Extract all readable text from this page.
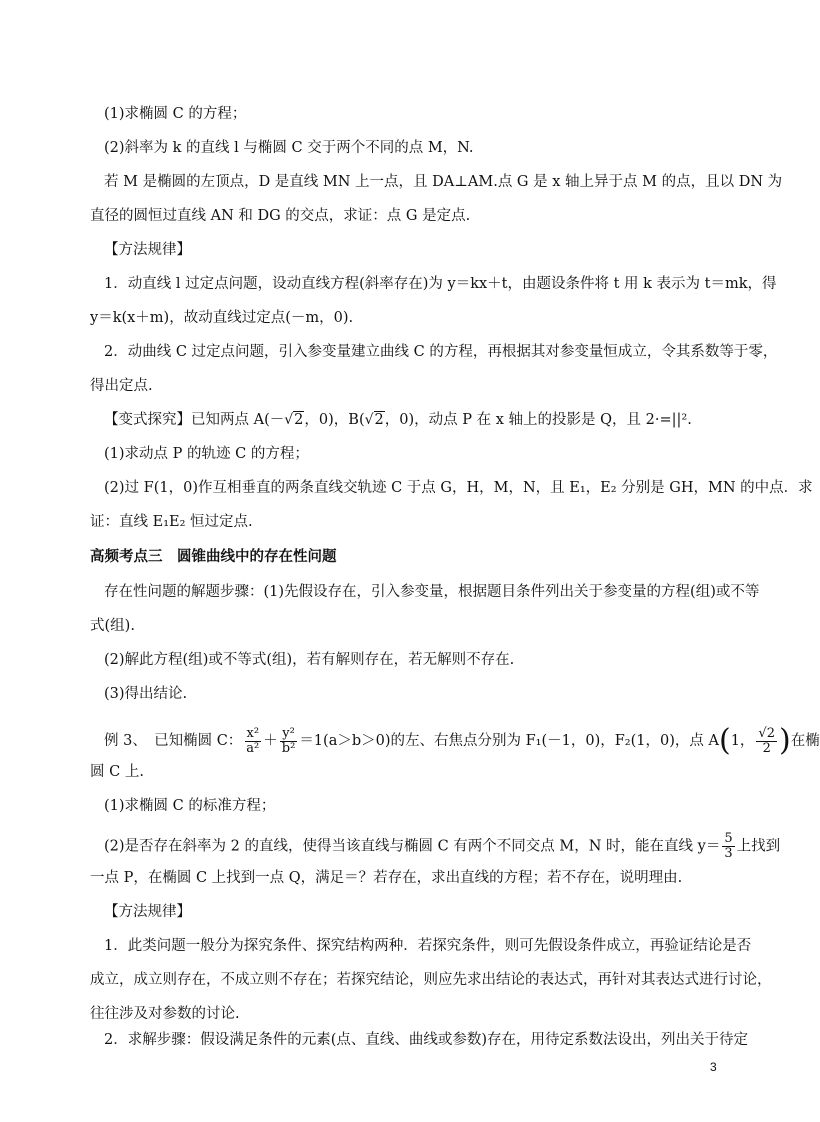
(1)求椭圆 C 的方程；
(2)斜率为 k 的直线 l 与椭圆 C 交于两个不同的点 M，N.
若 M 是椭圆的左顶点，D 是直线 MN 上一点，且 DA⊥AM.点 G 是 x 轴上异于点 M 的点，且以 DN 为
直径的圆恒过直线 AN 和 DG 的交点，求证：点 G 是定点.
【方法规律】
1．动直线 l 过定点问题，设动直线方程(斜率存在)为 y＝kx＋t，由题设条件将 t 用 k 表示为 t＝mk，得
y＝k(x＋m)，故动直线过定点(－m，0).
2．动曲线 C 过定点问题，引入参变量建立曲线 C 的方程，再根据其对参变量恒成立，令其系数等于零，
得出定点.
【变式探究】已知两点 A(－√2，0)，B(√2，0)，动点 P 在 x 轴上的投影是 Q，且 2·=||².
(1)求动点 P 的轨迹 C 的方程；
(2)过 F(1，0)作互相垂直的两条直线交轨迹 C 于点 G，H，M，N，且 E₁，E₂ 分别是 GH，MN 的中点．求
证：直线 E₁E₂ 恒过定点.
高频考点三　圆锥曲线中的存在性问题
存在性问题的解题步骤：(1)先假设存在，引入参变量，根据题目条件列出关于参变量的方程(组)或不等
式(组).
(2)解此方程(组)或不等式(组)，若有解则存在，若无解则不存在.
(3)得出结论.
例 3、　已知椭圆 C： $\frac{\text{x²}}{\text{a²}} + \frac{\text{y²}}{\text{b²}} =1(a>b>0)$的左、右焦点分别为 F₁(－1，0)，F₂(1，0)，点 A(1， $\frac{√2}{2}$ )在椭
圆 C 上.
(1)求椭圆 C 的标准方程；
(2)是否存在斜率为 2 的直线，使得当该直线与椭圆 C 有两个不同交点 M，N 时，能在直线 $y= \frac{5}{3}$ 上找到
一点 P，在椭圆 C 上找到一点 Q，满足＝？若存在，求出直线的方程；若不存在，说明理由.
【方法规律】
1．此类问题一般分为探究条件、探究结构两种．若探究条件，则可先假设条件成立，再验证结论是否
成立，成立则存在，不成立则不存在；若探究结论，则应先求出结论的表达式，再针对其表达式进行讨论，
往往涉及对参数的讨论.
2．求解步骤：假设满足条件的元素(点、直线、曲线或参数)存在，用待定系数法设出，列出关于待定
3
